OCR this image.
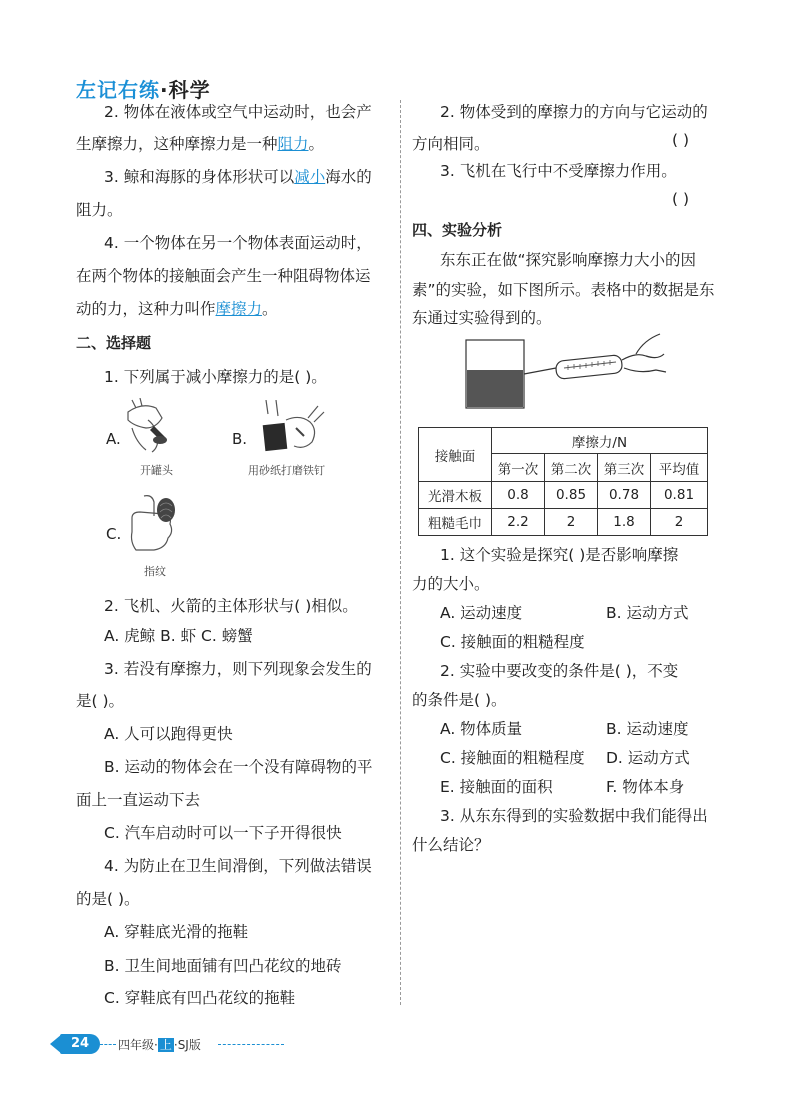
左记右练·科学
2. 物体在液体或空气中运动时，也会产
生摩擦力，这种摩擦力是一种阻力。
3. 鲸和海豚的身体形状可以减小海水的
阻力。
4. 一个物体在另一个物体表面运动时，
在两个物体的接触面会产生一种阻碍物体运
动的力，这种力叫作摩擦力。
二、选择题
1. 下列属于减小摩擦力的是( )。
A.
开罐头
B.
用砂纸打磨铁钉
C.
指纹
2. 飞机、火箭的主体形状与( )相似。
A. 虎鲸 B. 虾 C. 螃蟹
3. 若没有摩擦力，则下列现象会发生的
是( )。
A. 人可以跑得更快
B. 运动的物体会在一个没有障碍物的平
面上一直运动下去
C. 汽车启动时可以一下子开得很快
4. 为防止在卫生间滑倒，下列做法错误
的是( )。
A. 穿鞋底光滑的拖鞋
B. 卫生间地面铺有凹凸花纹的地砖
C. 穿鞋底有凹凸花纹的拖鞋
2. 物体受到的摩擦力的方向与它运动的
方向相同。	( )
3. 飞机在飞行中不受摩擦力作用。
( )
四、实验分析
东东正在做“探究影响摩擦力大小的因
素”的实验，如下图所示。表格中的数据是东
东通过实验得到的。
接触面	摩擦力/N			
	第一次	第二次	第三次	平均值
光滑木板	0.8	0.85	0.78	0.81
粗糙毛巾	2.2	2	1.8	2
1. 这个实验是探究( )是否影响摩擦
力的大小。
A. 运动速度	B. 运动方式
C. 接触面的粗糙程度
2. 实验中要改变的条件是( )，不变
的条件是( )。
A. 物体质量	B. 运动速度
C. 接触面的粗糙程度 D. 运动方式
E. 接触面的面积	F. 物体本身
3. 从东东得到的实验数据中我们能得出
什么结论？
24	四年级· 上 ·SJ版
